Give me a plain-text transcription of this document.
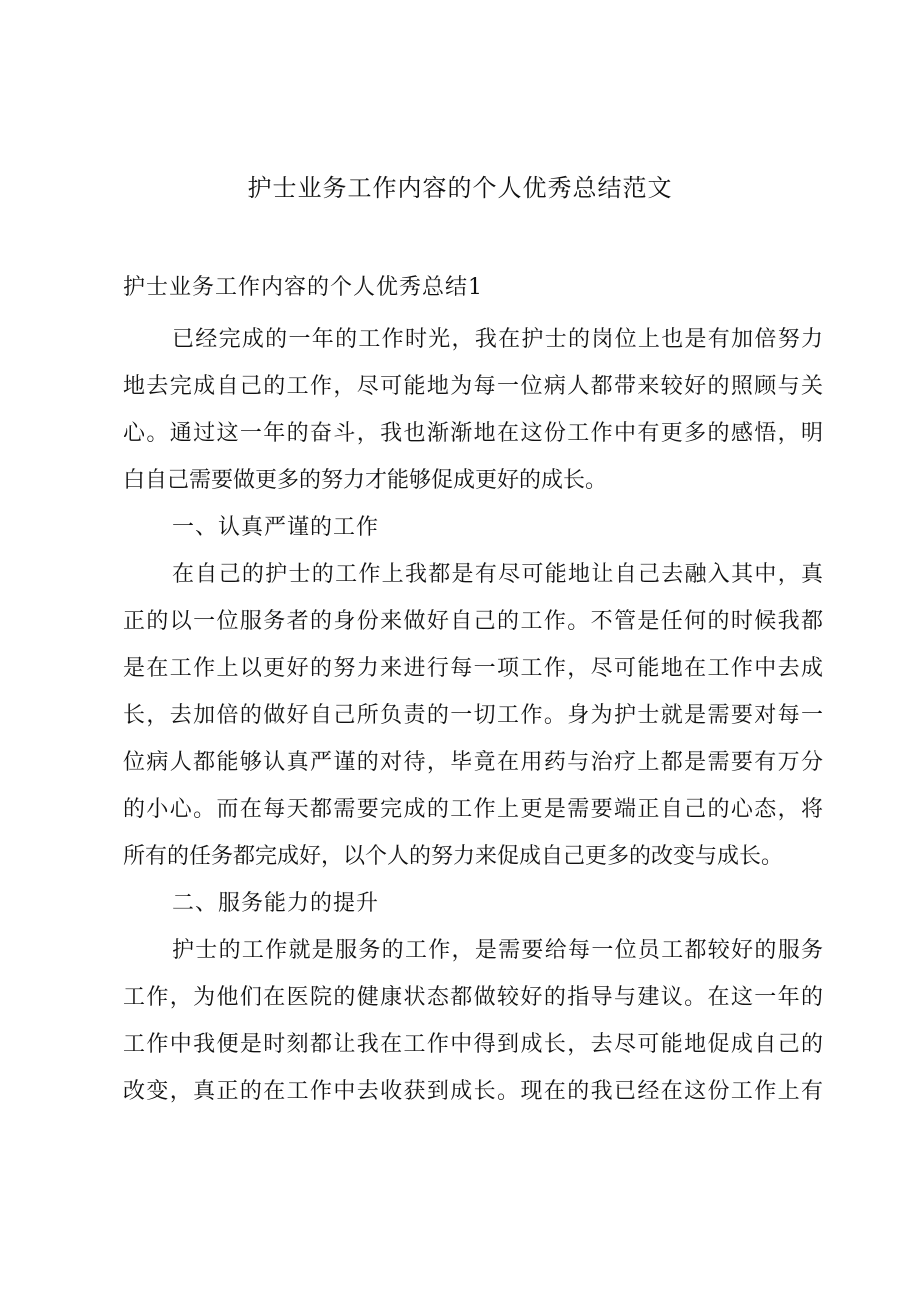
护士业务工作内容的个人优秀总结范文

护士业务工作内容的个人优秀总结1

已经完成的一年的工作时光，我在护士的岗位上也是有加倍努力

地去完成自己的工作，尽可能地为每一位病人都带来较好的照顾与关

心。通过这一年的奋斗，我也渐渐地在这份工作中有更多的感悟，明

白自己需要做更多的努力才能够促成更好的成长。

一、认真严谨的工作

在自己的护士的工作上我都是有尽可能地让自己去融入其中，真

正的以一位服务者的身份来做好自己的工作。不管是任何的时候我都

是在工作上以更好的努力来进行每一项工作，尽可能地在工作中去成

长，去加倍的做好自己所负责的一切工作。身为护士就是需要对每一

位病人都能够认真严谨的对待，毕竟在用药与治疗上都是需要有万分

的小心。而在每天都需要完成的工作上更是需要端正自己的心态，将

所有的任务都完成好，以个人的努力来促成自己更多的改变与成长。

二、服务能力的提升

护士的工作就是服务的工作，是需要给每一位员工都较好的服务

工作，为他们在医院的健康状态都做较好的指导与建议。在这一年的

工作中我便是时刻都让我在工作中得到成长，去尽可能地促成自己的

改变，真正的在工作中去收获到成长。现在的我已经在这份工作上有
